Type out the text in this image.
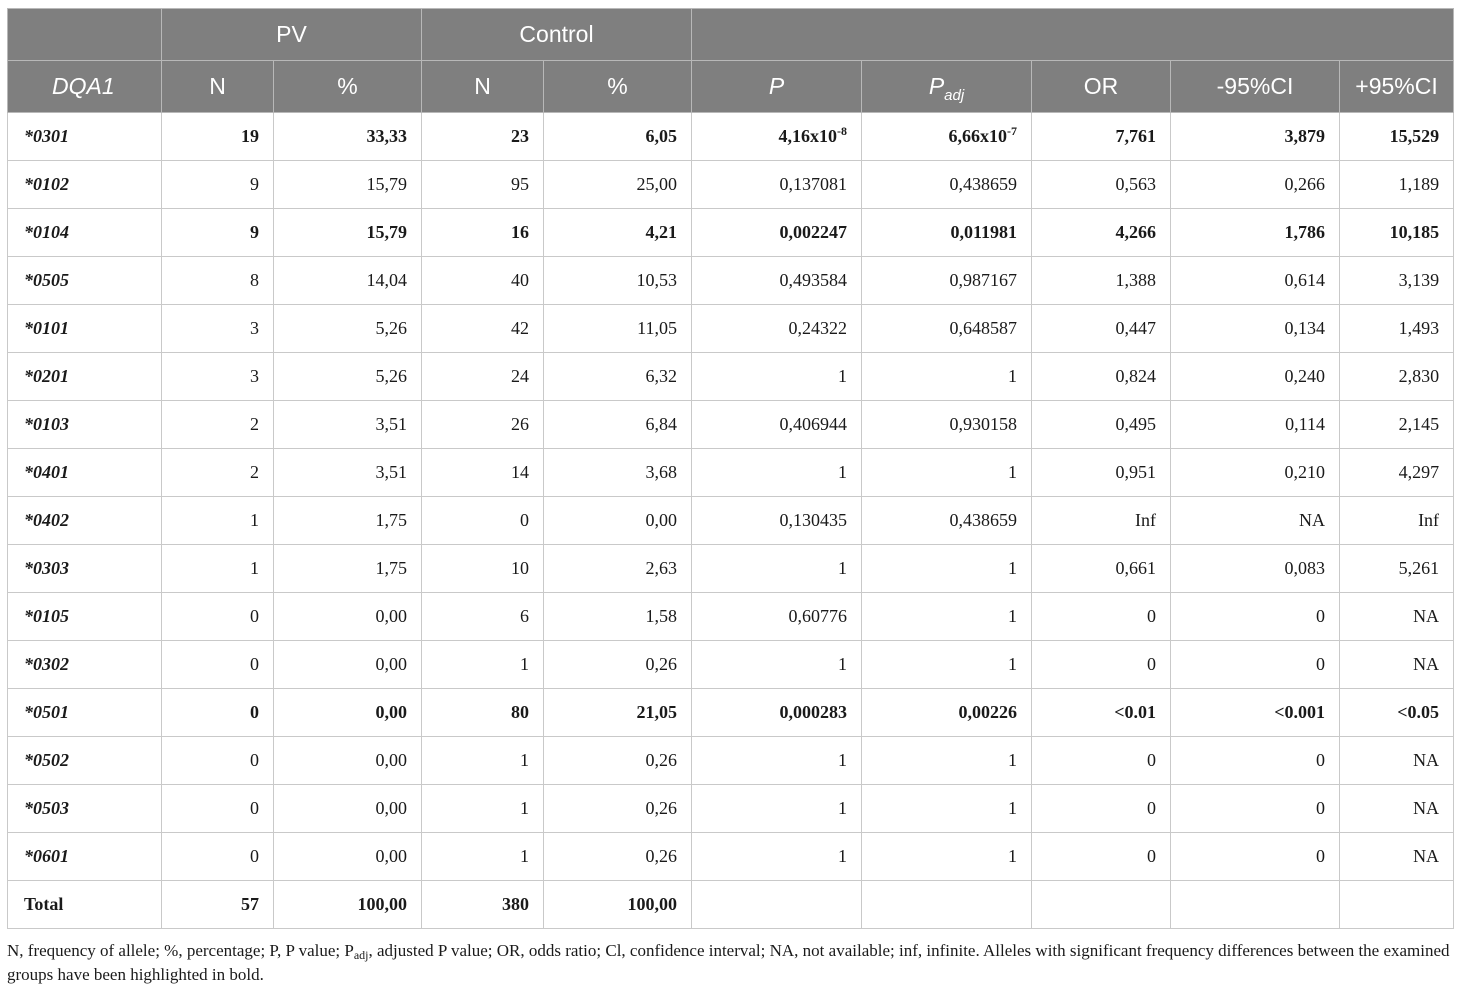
	PV		Control						
DQA1	N	%	N	%	P	$P_{adj}$	OR	-95%CI	+95%CI
*0301	19	33,33	23	6,05	$4,16x10^{-8}$	$6,66x10^{-7}$	7,761	3,879	15,529
*0102	9	15,79	95	25,00	0,137081	0,438659	0,563	0,266	1,189
*0104	9	15,79	16	4,21	0,002247	0,011981	4,266	1,786	10,185
*0505	8	14,04	40	10,53	0,493584	0,987167	1,388	0,614	3,139
*0101	3	5,26	42	11,05	0,24322	0,648587	0,447	0,134	1,493
*0201	3	5,26	24	6,32	1	1	0,824	0,240	2,830
*0103	2	3,51	26	6,84	0,406944	0,930158	0,495	0,114	2,145
*0401	2	3,51	14	3,68	1	1	0,951	0,210	4,297
*0402	1	1,75	0	0,00	0,130435	0,438659	Inf	NA	Inf
*0303	1	1,75	10	2,63	1	1	0,661	0,083	5,261
*0105	0	0,00	6	1,58	0,60776	1	0	0	NA
*0302	0	0,00	1	0,26	1	1	0	0	NA
*0501	0	0,00	80	21,05	0,000283	0,00226	<0.01	<0.001	<0.05
*0502	0	0,00	1	0,26	1	1	0	0	NA
*0503	0	0,00	1	0,26	1	1	0	0	NA
*0601	0	0,00	1	0,26	1	1	0	0	NA
Total	57	100,00	380	100,00					
N, frequency of allele; %, percentage; P, P value; $P_{adj}$, adjusted P value; OR, odds ratio; Cl, confidence interval; NA, not available; inf, infinite. Alleles with significant frequency differences between the examined groups have been highlighted in bold.
